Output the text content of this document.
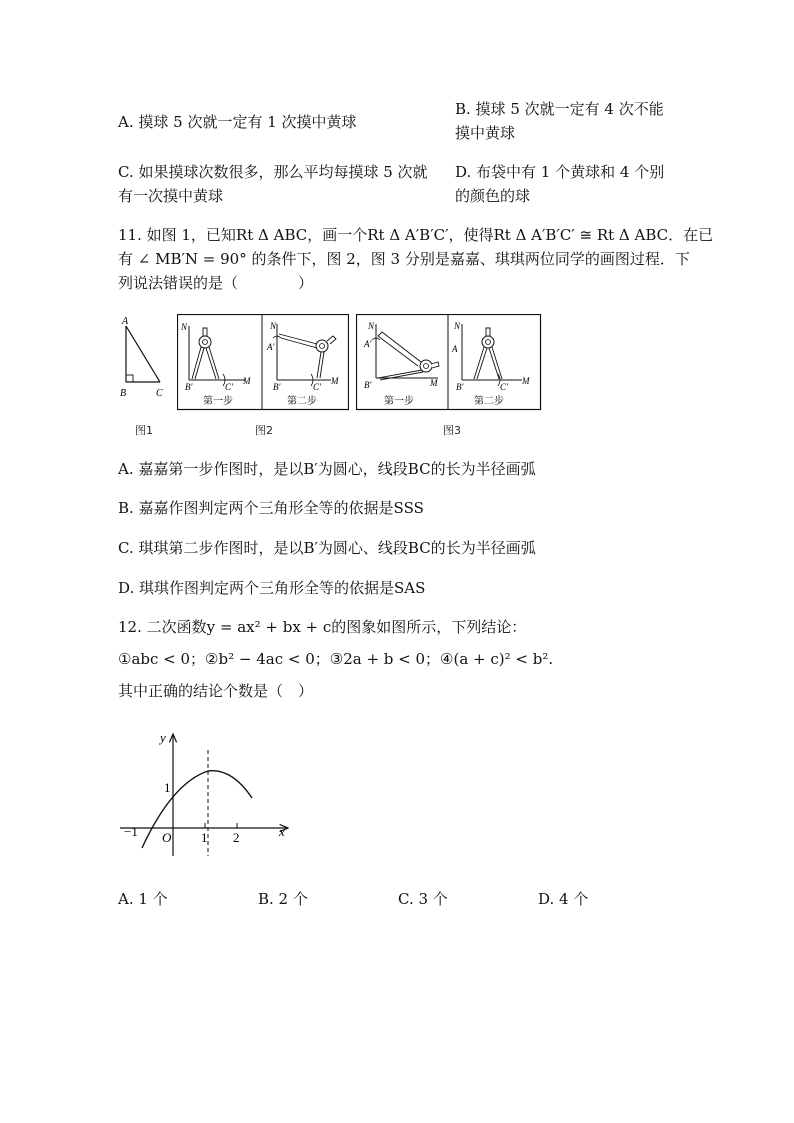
A. 摸球 5 次就一定有 1 次摸中黄球
B. 摸球 5 次就一定有 4 次不能
摸中黄球
C. 如果摸球次数很多，那么平均每摸球 5 次就
有一次摸中黄球
D. 布袋中有 1 个黄球和 4 个别
的颜色的球
11. 如图 1，已知Rt Δ ABC，画一个Rt Δ A′B′C′，使得Rt Δ A′B′C′ ≅ Rt Δ ABC．在已
有 ∠ MB′N = 90° 的条件下，图 2，图 3 分别是嘉嘉、琪琪两位同学的画图过程．下
列说法错误的是（　　　　）
A
B	C
图1
N
M
B′	C′
第一步
N
M
A′
B′	C′
第二步
图2
N
M
A′
B′
第一步
N
M
A
B′	C′
第二步
图3
A. 嘉嘉第一步作图时，是以B′为圆心，线段BC的长为半径画弧
B. 嘉嘉作图判定两个三角形全等的依据是SSS
C. 琪琪第二步作图时，是以B′为圆心、线段BC的长为半径画弧
D. 琪琪作图判定两个三角形全等的依据是SAS
12. 二次函数y = ax² + bx + c的图象如图所示，下列结论：
①abc < 0；②b² − 4ac < 0；③2a + b < 0；④(a + c)² < b².
其中正确的结论个数是（　）
y
x
O
1
1 2
−1
A. 1 个	B. 2 个	C. 3 个	D. 4 个
